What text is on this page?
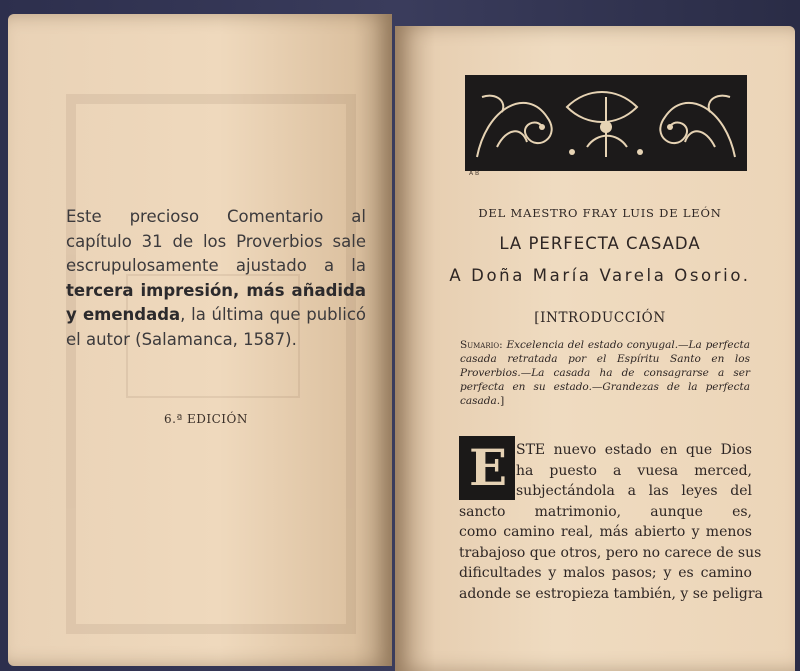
Este precioso Comentario al capítulo 31 de los Proverbios sale escrupulosamente ajustado a la tercera impresión, más añadida y emendada, la última que publicó el autor (Salamanca, 1587).
6.ª EDICIÓN
A B
DEL MAESTRO FRAY LUIS DE LEÓN
LA PERFECTA CASADA
A Doña María Varela Osorio.
[INTRODUCCIÓN
Sumario: Excelencia del estado conyugal.—La perfecta casada retratada por el Espíritu Santo en los Proverbios.—La casada ha de consagrarse a ser perfecta en su estado.—Grandezas de la perfecta casada.]
E STE nuevo estado en que Dios
ha puesto a vuesa merced,
subjectándola a las leyes del
sancto matrimonio, aunque es,
como camino real, más abierto y menos
trabajoso que otros, pero no carece de sus
dificultades y malos pasos; y es camino
adonde se estropieza también, y se peligra
